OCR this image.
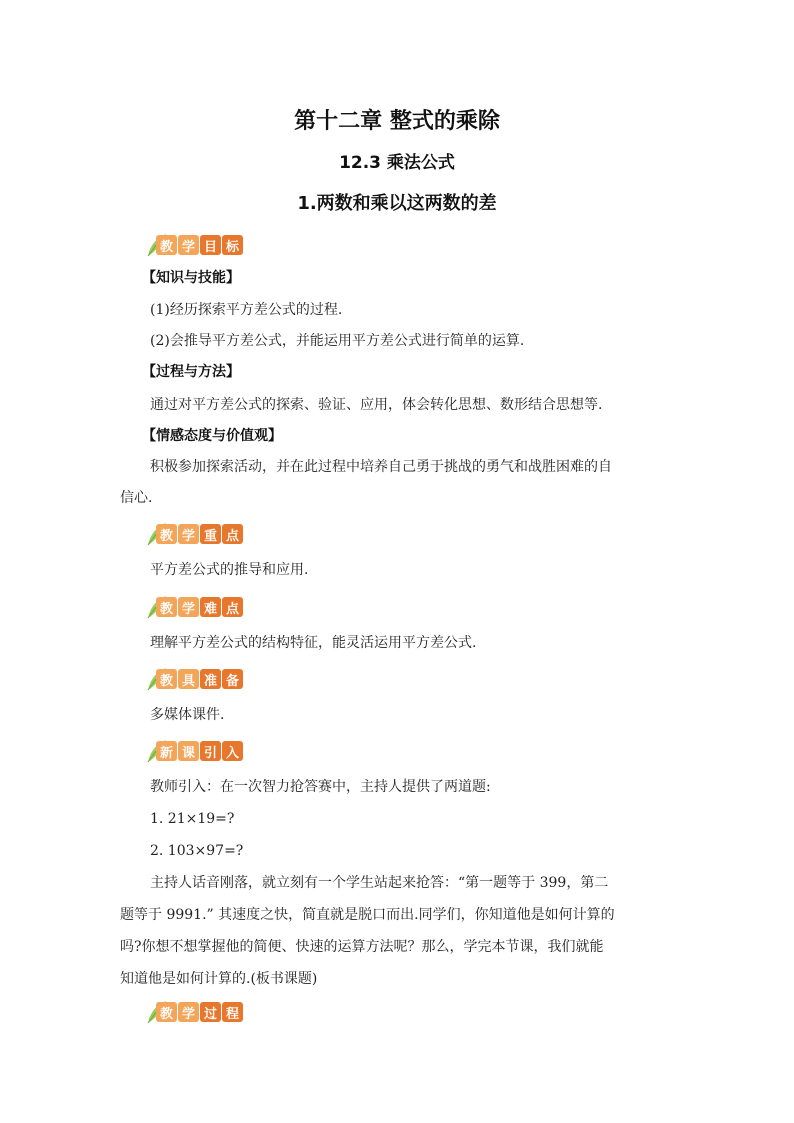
第十二章 整式的乘除
12.3 乘法公式
1.两数和乘以这两数的差
教 学 目 标
【知识与技能】
(1)经历探索平方差公式的过程.
(2)会推导平方差公式，并能运用平方差公式进行简单的运算.
【过程与方法】
通过对平方差公式的探索、验证、应用，体会转化思想、数形结合思想等.
【情感态度与价值观】
积极参加探索活动，并在此过程中培养自己勇于挑战的勇气和战胜困难的自
信心.
教 学 重 点
平方差公式的推导和应用.
教 学 难 点
理解平方差公式的结构特征，能灵活运用平方差公式.
教 具 准 备
多媒体课件.
新 课 引 入
教师引入：在一次智力抢答赛中，主持人提供了两道题:
1. 21×19=?
2. 103×97=?
主持人话音刚落，就立刻有一个学生站起来抢答：“第一题等于 399，第二
题等于 9991.” 其速度之快，简直就是脱口而出.同学们，你知道他是如何计算的
吗?你想不想掌握他的简便、快速的运算方法呢？那么，学完本节课，我们就能
知道他是如何计算的.(板书课题)
教 学 过 程
